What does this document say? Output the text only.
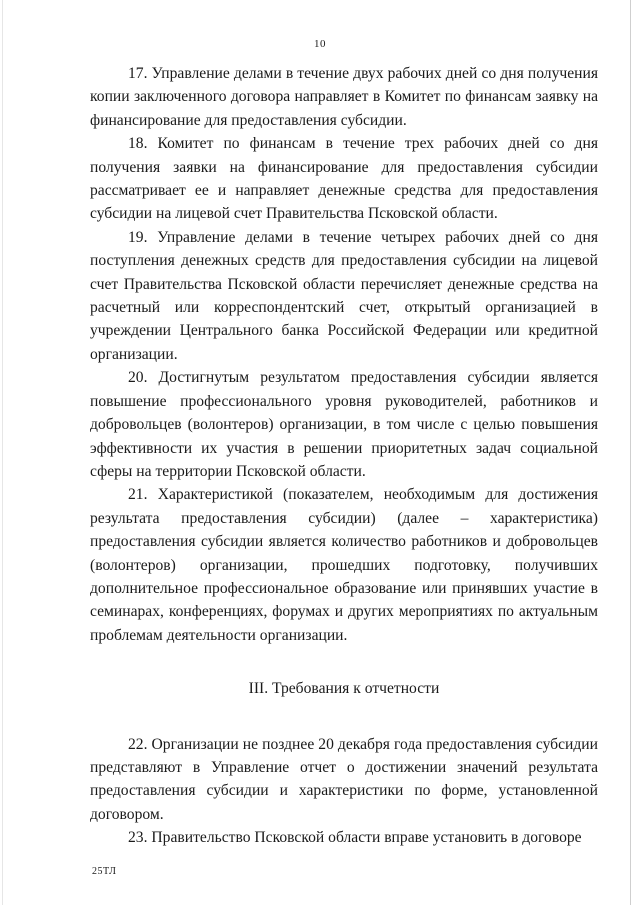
10

17. Управление делами в течение двух рабочих дней со дня получения копии заключенного договора направляет в Комитет по финансам заявку на финансирование для предоставления субсидии.

18. Комитет по финансам в течение трех рабочих дней со дня получения заявки на финансирование для предоставления субсидии рассматривает ее и направляет денежные средства для предоставления субсидии на лицевой счет Правительства Псковской области.

19. Управление делами в течение четырех рабочих дней со дня поступления денежных средств для предоставления субсидии на лицевой счет Правительства Псковской области перечисляет денежные средства на расчетный или корреспондентский счет, открытый организацией в учреждении Центрального банка Российской Федерации или кредитной организации.

20. Достигнутым результатом предоставления субсидии является повышение профессионального уровня руководителей, работников и добровольцев (волонтеров) организации, в том числе с целью повышения эффективности их участия в решении приоритетных задач социальной сферы на территории Псковской области.

21. Характеристикой (показателем, необходимым для достижения результата предоставления субсидии) (далее – характеристика) предоставления субсидии является количество работников и добровольцев (волонтеров) организации, прошедших подготовку, получивших дополнительное профессиональное образование или принявших участие в семинарах, конференциях, форумах и других мероприятиях по актуальным проблемам деятельности организации.

III. Требования к отчетности

22. Организации не позднее 20 декабря года предоставления субсидии представляют в Управление отчет о достижении значений результата предоставления субсидии и характеристики по форме, установленной договором.

23. Правительство Псковской области вправе установить в договоре

25ТЛ
